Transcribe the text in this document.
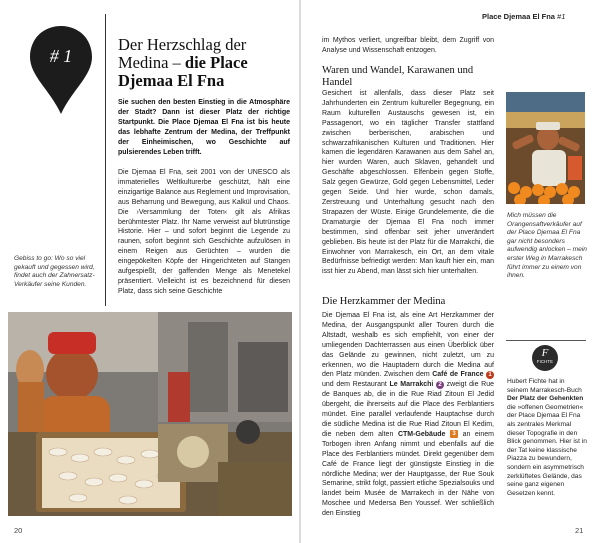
# 1
Der Herzschlag der Medina – die Place Djemaa El Fna
Sie suchen den besten Einstieg in die Atmosphäre der Stadt? Dann ist dieser Platz der richtige Startpunkt. Die Place Djemaa El Fna ist bis heute das lebhafte Zentrum der Medina, der Treffpunkt der Einheimischen, wo Geschichte auf pulsierendes Leben trifft.
Die Djemaa El Fna, seit 2001 von der UNESCO als immaterielles Weltkulturerbe geschützt, hält eine einzigartige Balance aus Reglement und Improvisation, aus Beharrung und Bewegung, aus Kalkül und Chaos. Die ›Versammlung der Toten‹ gilt als Afrikas berühmtester Platz. Ihr Name verweist auf blutrünstige Historie. Hier – und sofort beginnt die Legende zu raunen, sofort beginnt sich Geschichte aufzulösen in einem Reigen aus Gerüchten – wurden die eingepökelten Köpfe der Hingerichteten auf Stangen aufgespießt, der gaffenden Menge als Menetekel präsentiert. Vielleicht ist es bezeichnend für diesen Platz, dass sich seine Geschichte
Gebiss to go: Wo so viel gekauft und gegessen wird, findet auch der Zahnersatz-Verkäufer seine Kunden.
20
Place Djemaa El Fna #1
im Mythos verliert, ungreifbar bleibt, dem Zugriff von Analyse und Wissenschaft entzogen.
Waren und Wandel, Karawanen und Handel
Gesichert ist allenfalls, dass dieser Platz seit Jahrhunderten ein Zentrum kultureller Begegnung, ein Raum kulturellen Austauschs gewesen ist, ein Passagenort, wo ein täglicher Transfer stattfand zwischen berberischen, arabischen und schwarzafrikanischen Kulturen und Traditionen. Hier kamen die legendären Karawanen aus dem Sahel an, hier wurden Waren, auch Sklaven, gehandelt und Geschäfte abgeschlossen. Elfenbein gegen Stoffe, Salz gegen Gewürze, Gold gegen Lebensmittel, Leder gegen Seide. Und hier wurde, schon damals, Zerstreuung und Unterhaltung gesucht nach den Strapazen der Wüste. Einige Grundelemente, die die Dramaturgie der Djemaa El Fna noch immer bestimmen, sind offenbar seit jeher unverändert geblieben. Bis heute ist der Platz für die Marrakchi, die Einwohner von Marrakesch, ein Ort, an dem vitale Bedürfnisse befriedigt werden: Man kauft hier ein, man isst hier zu Abend, man lässt sich hier unterhalten.
Die Herzkammer der Medina
Die Djemaa El Fna ist, als eine Art Herzkammer der Medina, der Ausgangspunkt aller Touren durch die Altstadt, weshalb es sich empfiehlt, von einer der umliegenden Dachterrassen aus einen Überblick über das Gelände zu gewinnen, nicht zuletzt, um zu erkennen, wo die Hauptadern durch die Medina auf den Platz münden. Zwischen dem Café de France 1 und dem Restaurant Le Marrakchi 2 zweigt die Rue de Banques ab, die in die Rue Riad Zitoun El Jedid übergeht, die ihrerseits auf die Place des Ferblantiers mündet. Eine parallel verlaufende Hauptachse durch die südliche Medina ist die Rue Riad Zitoun El Kedim, die neben dem alten CTM-Gebäude 3 an einem Torbogen ihren Anfang nimmt und ebenfalls auf die Place des Ferblantiers mündet. Direkt gegenüber dem Café de France liegt der günstigste Einstieg in die nördliche Medina; wer der Hauptgasse, der Rue Souk Semarine, strikt folgt, passiert etliche Spezialsouks und landet beim Musée de Marrakech in der Nähe von Moschee und Medersa Ben Youssef. Wer schließlich den Einstieg
Mich müssen die Orangensaftverkäufer auf der Place Djemaa El Fna gar nicht besonders aufwendig anlocken – mein erster Weg in Marrakesch führt immer zu einem von ihnen.
F
FICHTE
Hubert Fichte hat in seinem Marrakesch-Buch Der Platz der Gehenkten die »offenen Geometrien« der Place Djemaa El Fna als zentrales Merkmal dieser Topografie in den Blick genommen. Hier ist in der Tat keine klassische Piazza zu bewundern, sondern ein asymmetrisch zerklüftetes Gelände, das seine ganz eigenen Gesetzen kennt.
21
